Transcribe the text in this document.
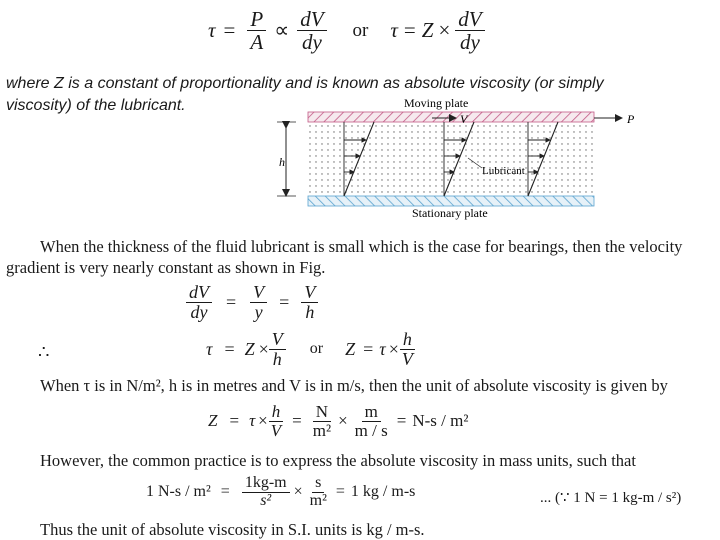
$\tau = \frac{P}{A} \propto \frac{dV}{dy}$ or $\tau = Z \times \frac{dV}{dy}$
where Z is a constant of proportionality and is known as absolute viscosity (or simply
viscosity) of the lubricant.	Moving plate
Stationary plate
Lubricant
h
V	P
When the thickness of the fluid lubricant is small which is the case for bearings, then the velocity
gradient is very nearly constant as shown in Fig.
$\frac{dV}{dy} = \frac{V}{y} = \frac{V}{h}$
∴	$\tau = Z \times \frac{V}{h}$ or $Z = \tau \times \frac{h}{V}$
When τ is in N/m², h is in metres and V is in m/s, then the unit of absolute viscosity is given by
$Z = \tau \times \frac{h}{V} = \frac{N}{\text{m²}} \times \frac{m}{m / s} = N-s / m^2$
However, the common practice is to express the absolute viscosity in mass units, such that
1 $N-s / m^2 = \frac{1kg-m}{\text{s²}} \times \frac{s}{\text{m²}} = 1$ kg / m-s	... (∵ 1 N = 1 kg-m / s²)
Thus the unit of absolute viscosity in S.I. units is kg / m-s.
